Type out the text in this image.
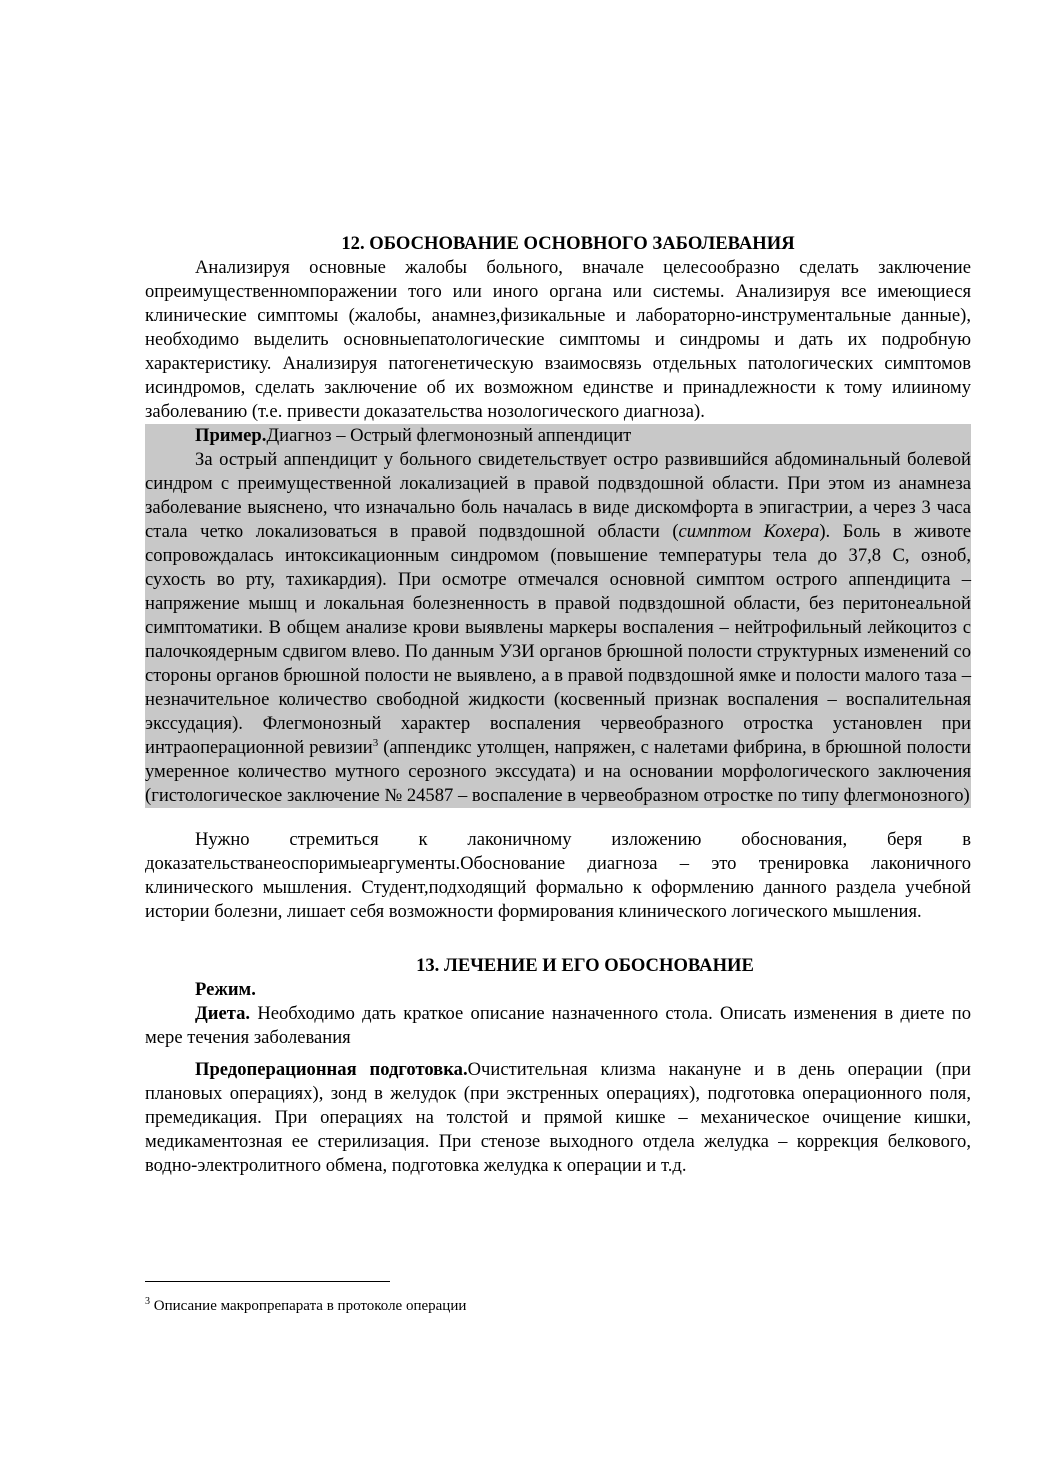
12. ОБОСНОВАНИЕ ОСНОВНОГО ЗАБОЛЕВАНИЯ

Анализируя основные жалобы больного, вначале целесообразно сделать заключение опреимущественномпоражении того или иного органа или системы. Анализируя все имеющиеся клинические симптомы (жалобы, анамнез,физикальные и лабораторно-инструментальные данные), необходимо выделить основныепатологические симптомы и синдромы и дать их подробную характеристику. Анализируя патогенетическую взаимосвязь отдельных патологических симптомов исиндромов, сделать заключение об их возможном единстве и принадлежности к тому илииному заболеванию (т.е. привести доказательства нозологического диагноза).

Пример.Диагноз – Острый флегмонозный аппендицит

За острый аппендицит у больного свидетельствует остро развившийся абдоминальный болевой синдром с преимущественной локализацией в правой подвздошной области. При этом из анамнеза заболевание выяснено, что изначально боль началась в виде дискомфорта в эпигастрии, а через 3 часа стала четко локализоваться в правой подвздошной области (симптом Кохера). Боль в животе сопровождалась интоксикационным синдромом (повышение температуры тела до 37,8 С, озноб, сухость во рту, тахикардия). При осмотре отмечался основной симптом острого аппендицита – напряжение мышц и локальная болезненность в правой подвздошной области, без перитонеальной симптоматики. В общем анализе крови выявлены маркеры воспаления – нейтрофильный лейкоцитоз с палочкоядерным сдвигом влево. По данным УЗИ органов брюшной полости структурных изменений со стороны органов брюшной полости не выявлено, а в правой подвздошной ямке и полости малого таза – незначительное количество свободной жидкости (косвенный признак воспаления – воспалительная экссудация). Флегмонозный характер воспаления червеобразного отростка установлен при интраоперационной ревизии$^3$ (аппендикс утолщен, напряжен, с налетами фибрина, в брюшной полости умеренное количество мутного серозного экссудата) и на основании морфологического заключения (гистологическое заключение № 24587 – воспаление в червеобразном отростке по типу флегмонозного)

Нужно стремиться к лаконичному изложению обоснования, беря в доказательстванеоспоримыеаргументы.Обоснование диагноза – это тренировка лаконичного клинического мышления. Студент,подходящий формально к оформлению данного раздела учебной истории болезни, лишает себя возможности формирования клинического логического мышления.

13. ЛЕЧЕНИЕ И ЕГО ОБОСНОВАНИЕ

Режим.

Диета. Необходимо дать краткое описание назначенного стола. Описать изменения в диете по мере течения заболевания

Предоперационная подготовка.Очистительная клизма накануне и в день операции (при плановых операциях), зонд в желудок (при экстренных операциях), подготовка операционного поля, премедикация. При операциях на толстой и прямой кишке – механическое очищение кишки, медикаментозная ее стерилизация. При стенозе выходного отдела желудка – коррекция белкового, водно-электролитного обмена, подготовка желудка к операции и т.д.

$^3$ Описание макропрепарата в протоколе операции
